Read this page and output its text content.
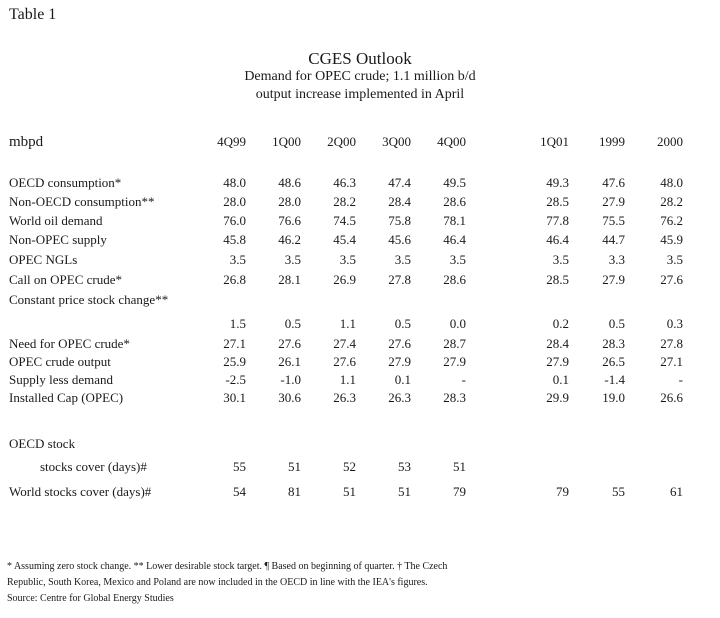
Table 1
CGES Outlook
Demand for OPEC crude; 1.1 million b/d
output increase implemented in April
mbpd	4Q99	1Q00	2Q00	3Q00	4Q00	1Q01	1999	2000
OECD consumption*	48.0	48.6	46.3	47.4	49.5	49.3	47.6	48.0
Non-OECD consumption**	28.0	28.0	28.2	28.4	28.6	28.5	27.9	28.2
World oil demand	76.0	76.6	74.5	75.8	78.1	77.8	75.5	76.2
Non-OPEC supply	45.8	46.2	45.4	45.6	46.4	46.4	44.7	45.9
OPEC NGLs	3.5	3.5	3.5	3.5	3.5	3.5	3.3	3.5
Call on OPEC crude*	26.8	28.1	26.9	27.8	28.6	28.5	27.9	27.6
Constant price stock change**
1.5	0.5	1.1	0.5	0.0	0.2	0.5	0.3
Need for OPEC crude*	27.1	27.6	27.4	27.6	28.7	28.4	28.3	27.8
OPEC crude output	25.9	26.1	27.6	27.9	27.9	27.9	26.5	27.1
Supply less demand	-2.5	-1.0	1.1	0.1	-	0.1	-1.4	-
Installed Cap (OPEC)	30.1	30.6	26.3	26.3	28.3	29.9	19.0	26.6
OECD stock
stocks cover (days)#	55	51	52	53	51
World stocks cover (days)#	54	81	51	51	79	79	55	61
* Assuming zero stock change. ** Lower desirable stock target. ¶ Based on beginning of quarter. † The Czech
Republic, South Korea, Mexico and Poland are now included in the OECD in line with the IEA's figures.
Source: Centre for Global Energy Studies
